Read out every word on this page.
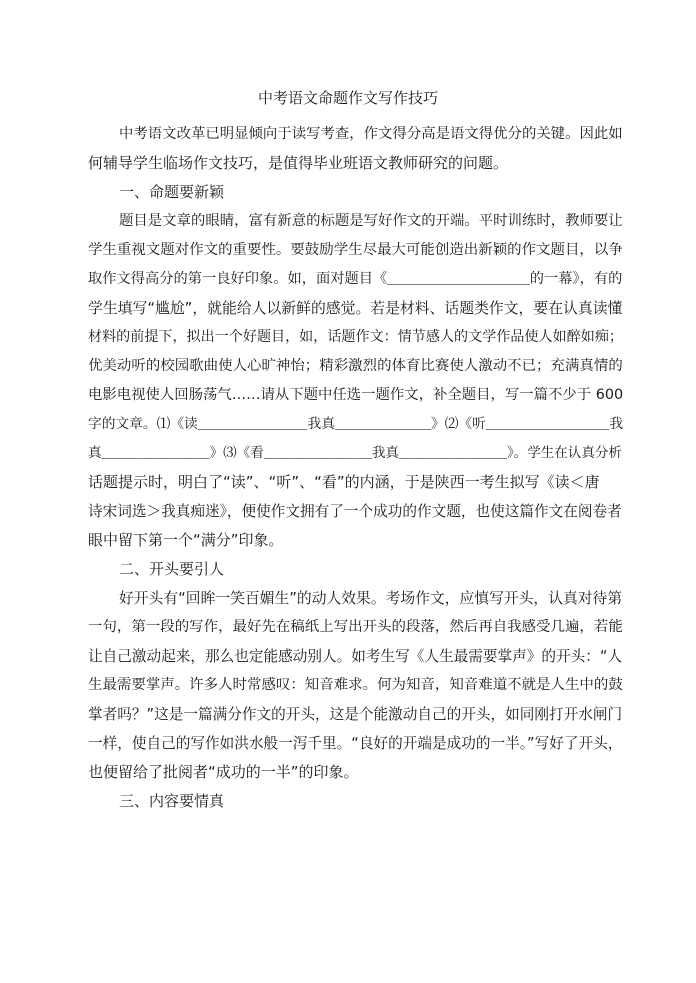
中考语文命题作文写作技巧
中考语文改革已明显倾向于读写考查，作文得分高是语文得优分的关键。因此如
何辅导学生临场作文技巧，是值得毕业班语文教师研究的问题。
一、命题要新颖
题目是文章的眼睛，富有新意的标题是写好作文的开端。平时训练时，教师要让
学生重视文题对作文的重要性。要鼓励学生尽最大可能创造出新颖的作文题目，以争
取作文得高分的第一良好印象。如，面对题目《＿＿＿＿＿＿＿＿＿＿的一幕》，有的
学生填写“尴尬”，就能给人以新鲜的感觉。若是材料、话题类作文，要在认真读懂
材料的前提下，拟出一个好题目，如，话题作文：情节感人的文学作品使人如醉如痴；
优美动听的校园歌曲使人心旷神怡；精彩激烈的体育比赛使人激动不已；充满真情的
电影电视使人回肠荡气……请从下题中任选一题作文，补全题目，写一篇不少于 600
字的文章。⑴《读＿＿＿＿＿＿＿＿我真＿＿＿＿＿＿＿》⑵《听＿＿＿＿＿＿＿＿＿我
真＿＿＿＿＿＿＿＿》⑶《看＿＿＿＿＿＿＿＿我真＿＿＿＿＿＿＿＿》。学生在认真分析
话题提示时，明白了“读”、“听”、“看”的内涵，于是陕西一考生拟写《读＜唐
诗宋词选＞我真痴迷》，便使作文拥有了一个成功的作文题，也使这篇作文在阅卷者
眼中留下第一个“满分”印象。
二、开头要引人
好开头有“回眸一笑百媚生”的动人效果。考场作文，应慎写开头，认真对待第
一句，第一段的写作，最好先在稿纸上写出开头的段落，然后再自我感受几遍，若能
让自己激动起来，那么也定能感动别人。如考生写《人生最需要掌声》的开头：“人
生最需要掌声。许多人时常感叹：知音难求。何为知音，知音难道不就是人生中的鼓
掌者吗？”这是一篇满分作文的开头，这是个能激动自己的开头，如同刚打开水闸门
一样，使自己的写作如洪水般一泻千里。“良好的开端是成功的一半。”写好了开头，
也便留给了批阅者“成功的一半”的印象。
三、内容要情真
